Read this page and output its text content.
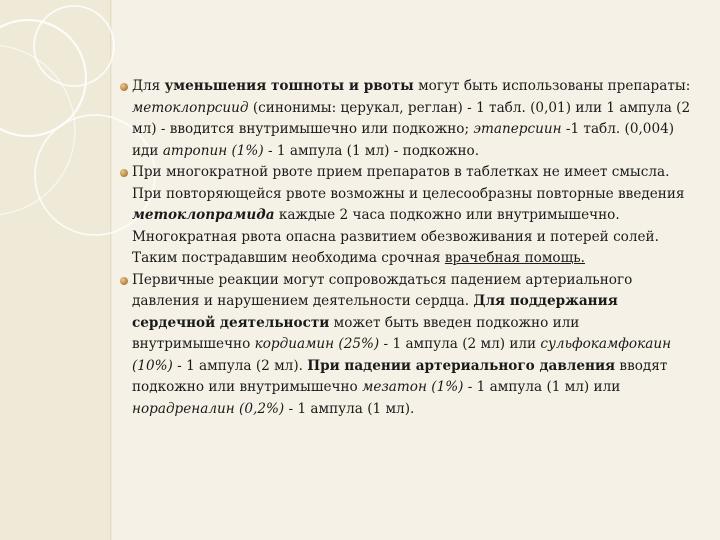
Для уменьшения тошноты и рвоты могут быть использованы препараты: метоклопрсиид (синонимы: церукал, реглан) - 1 табл. (0,01) или 1 ампула (2 мл) - вводится внутримышечно или подкожно; этаперсиин -1 табл. (0,004) иди атропин (1%) - 1 ампула (1 мл) - подкожно.
При многократной рвоте прием препаратов в таблетках не имеет смысла. При повторяющейся рвоте возможны и целесообразны повторные введения метоклопрамида каждые 2 часа подкожно или внутримышечно. Многократная рвота опасна развитием обезвоживания и потерей солей. Таким пострадавшим необходима срочная врачебная помощь.
Первичные реакции могут сопровождаться падением артериального давления и нарушением деятельности сердца. Для поддержания сердечной деятельности может быть введен подкожно или внутримышечно кордиамин (25%) - 1 ампула (2 мл) или сульфокамфокаин (10%) - 1 ампула (2 мл). При падении артериального давления вводят подкожно или внутримышечно мезатон (1%) - 1 ампула (1 мл) или норадреналин (0,2%) - 1 ампула (1 мл).
